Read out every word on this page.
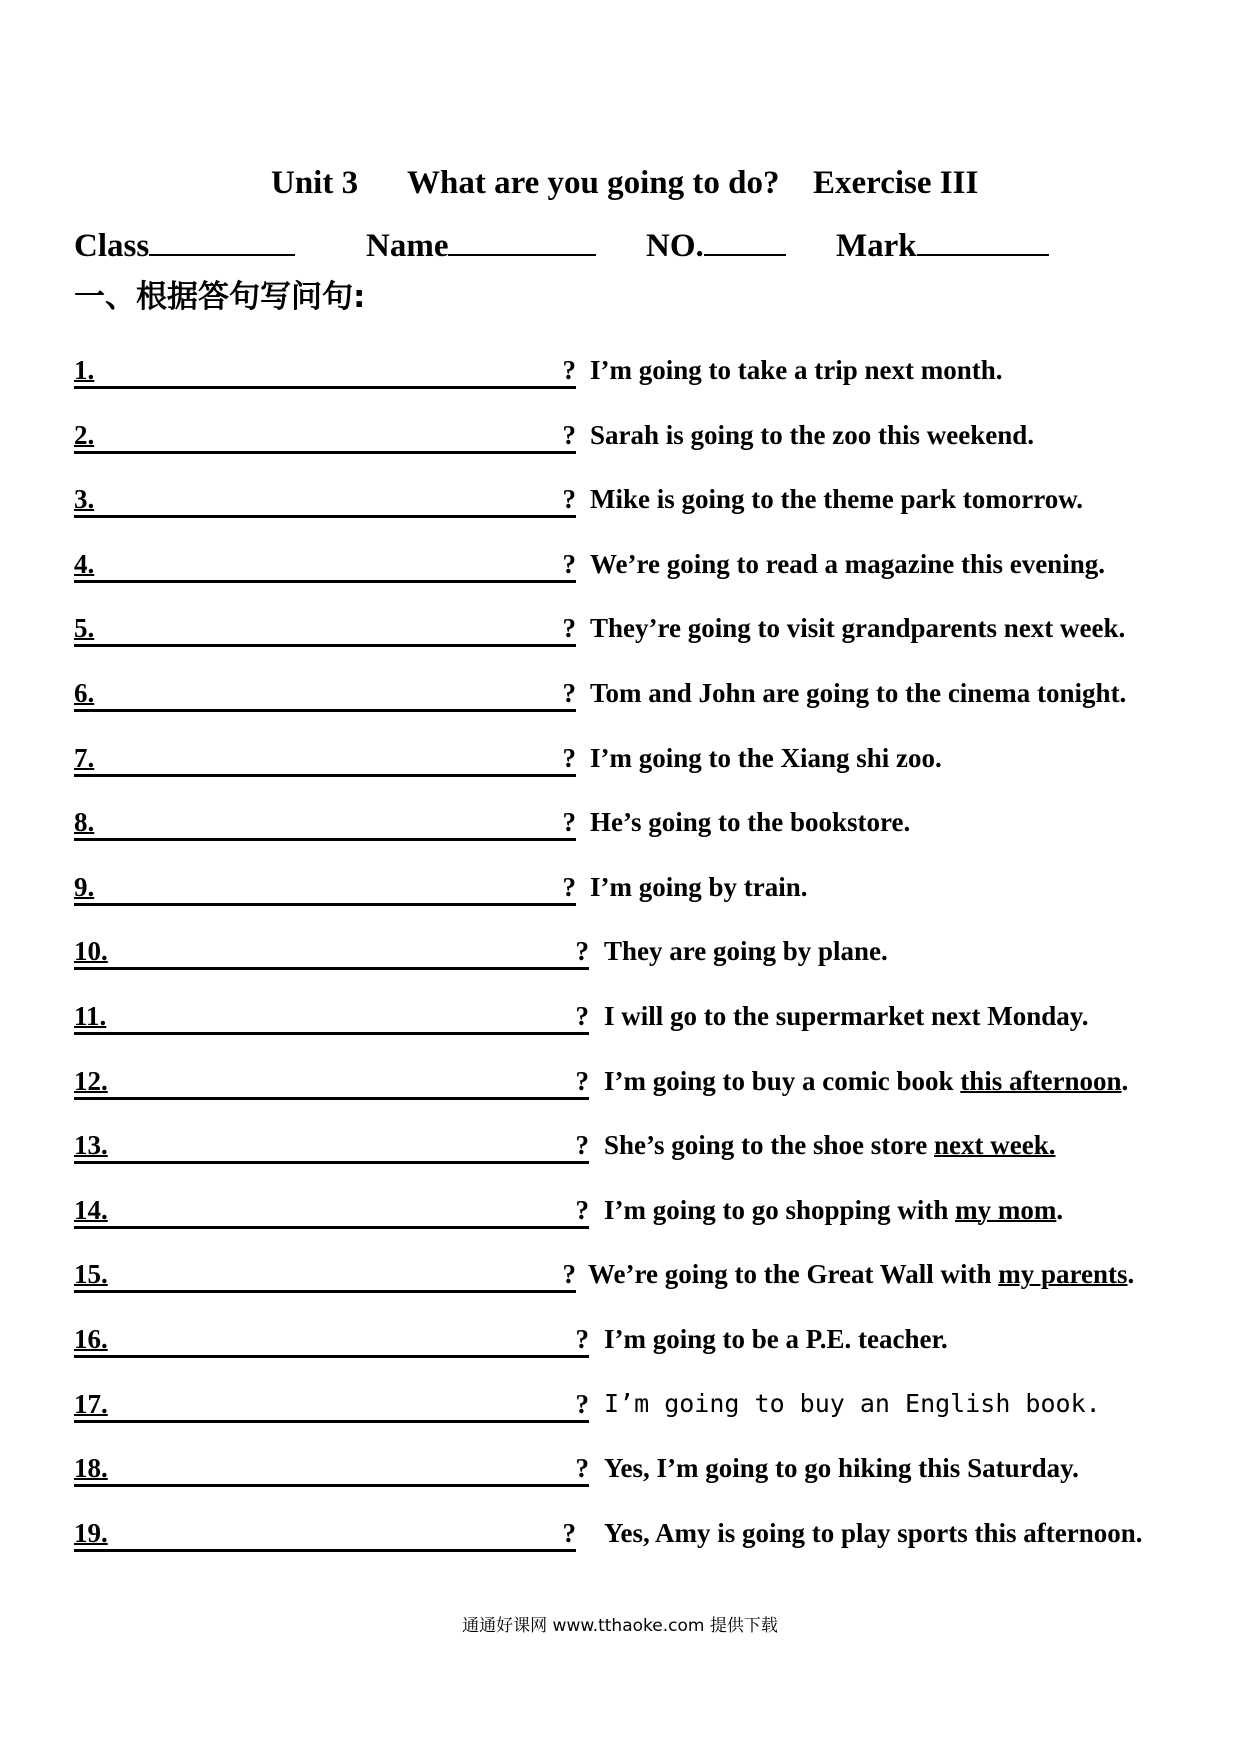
Unit 3 What are you going to do? Exercise III
Class	Name	NO.	Mark
一、根据答句写问句:
1.	? I’m going to take a trip next month.
2.	? Sarah is going to the zoo this weekend.
3.	? Mike is going to the theme park tomorrow.
4.	? We’re going to read a magazine this evening.
5.	? They’re going to visit grandparents next week.
6.	? Tom and John are going to the cinema tonight.
7.	? I’m going to the Xiang shi zoo.
8.	? He’s going to the bookstore.
9.	? I’m going by train.
10.	? They are going by plane.
11.	? I will go to the supermarket next Monday.
12.	? I’m going to buy a comic book this afternoon.
13.	? She’s going to the shoe store next week.
14.	? I’m going to go shopping with my mom.
15.	? We’re going to the Great Wall with my parents.
16.	? I’m going to be a P.E. teacher.
17.	? I’m going to buy an English book.
18.	? Yes, I’m going to go hiking this Saturday.
19.	? Yes, Amy is going to play sports this afternoon.
通通好课网 www.tthaoke.com 提供下载
